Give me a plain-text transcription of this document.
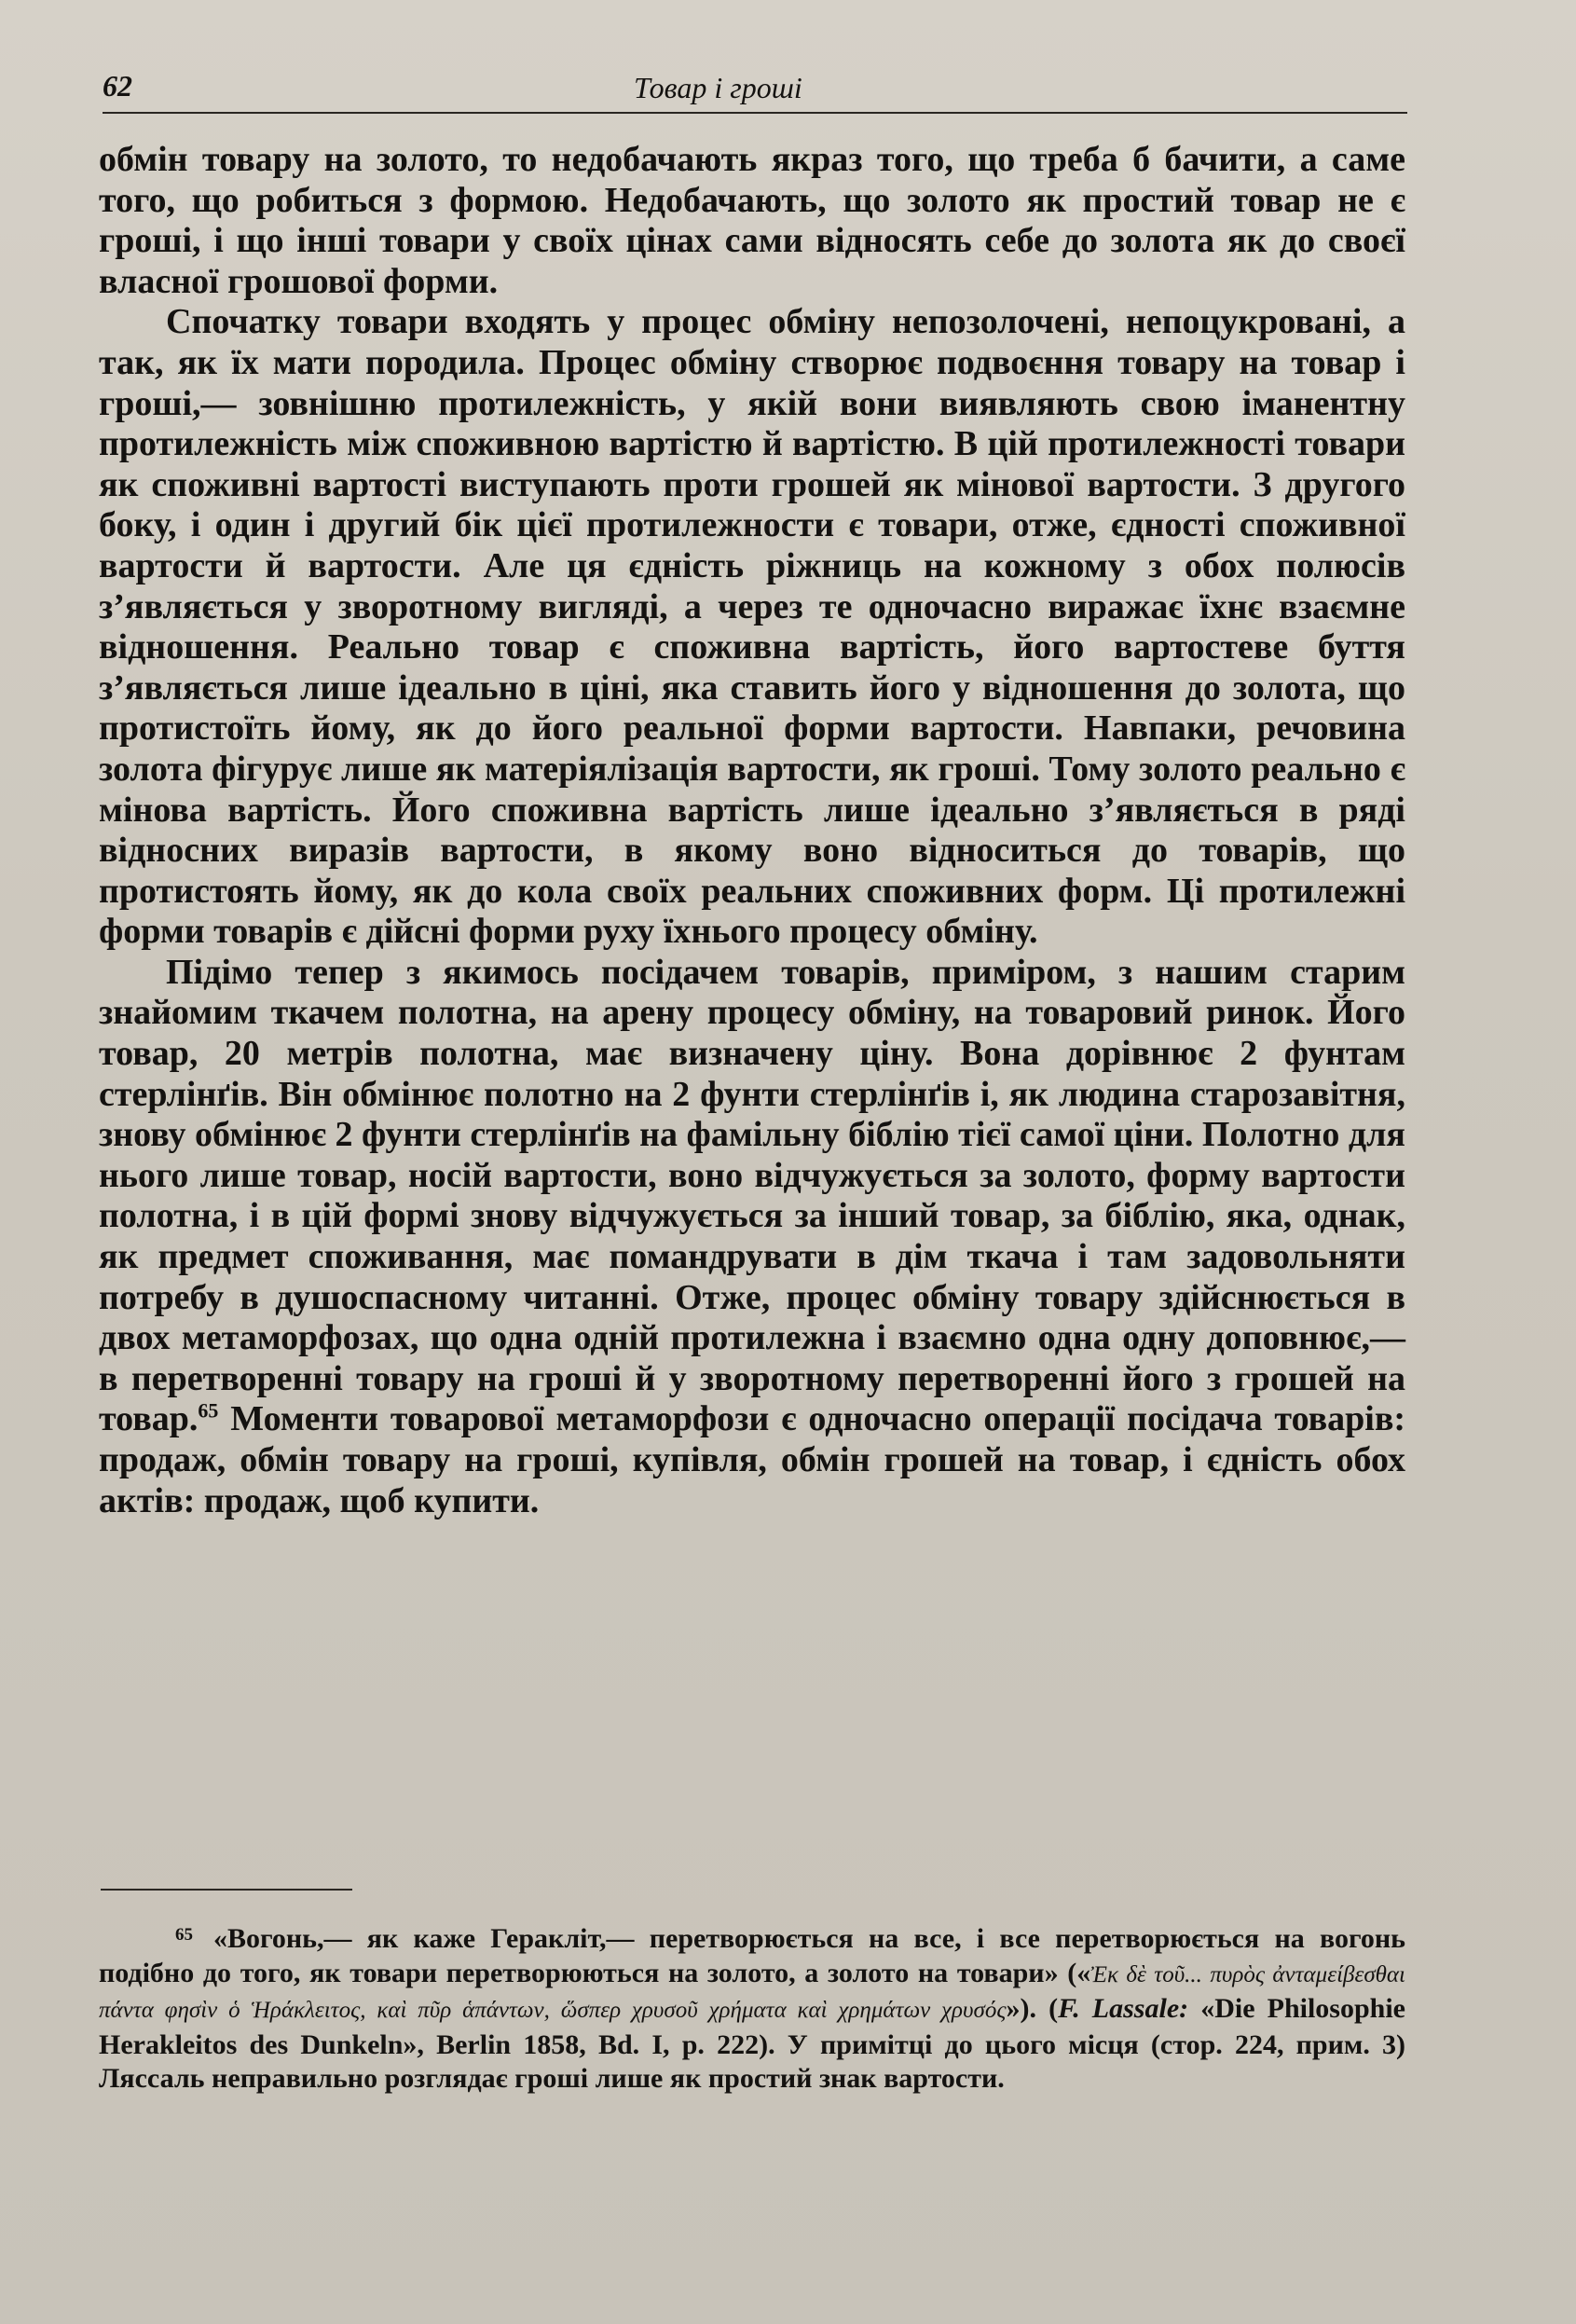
62	Товар і гроші

обмін товару на золото, то недобачають якраз того, що треба б бачити, а саме того, що робиться з формою. Недобачають, що золото як простий товар не є гроші, і що інші товари у своїх цінах сами відносять себе до золота як до своєї власної грошової форми.

Спочатку товари входять у процес обміну непозолочені, непоцукровані, а так, як їх мати породила. Процес обміну створює подвоєння товару на товар і гроші,— зовнішню протилежність, у якій вони виявляють свою іманентну протилежність між споживною вартістю й вартістю. В цій протилежності товари як споживні вартості виступають проти грошей як мінової вартости. З другого боку, і один і другий бік цієї протилежности є товари, отже, єдності споживної вартости й вартости. Але ця єдність ріжниць на кожному з обох полюсів з’являється у зворотному вигляді, а через те одночасно виражає їхнє взаємне відношення. Реально товар є споживна вартість, його вартостеве буття з’являється лише ідеально в ціні, яка ставить його у відношення до золота, що протистоїть йому, як до його реальної форми вартости. Навпаки, речовина золота фігурує лише як матеріялізація вартости, як гроші. Тому золото реально є мінова вартість. Його споживна вартість лише ідеально з’являється в ряді відносних виразів вартости, в якому воно відноситься до товарів, що протистоять йому, як до кола своїх реальних споживних форм. Ці протилежні форми товарів є дійсні форми руху їхнього процесу обміну.

Підімо тепер з якимось посідачем товарів, приміром, з нашим старим знайомим ткачем полотна, на арену процесу обміну, на товаровий ринок. Його товар, 20 метрів полотна, має визначену ціну. Вона дорівнює 2 фунтам стерлінґів. Він обмінює полотно на 2 фунти стерлінґів і, як людина старозавітня, знову обмінює 2 фунти стерлінґів на фамільну біблію тієї самої ціни. Полотно для нього лише товар, носій вартости, воно відчужується за золото, форму вартости полотна, і в цій формі знову відчужується за інший товар, за біблію, яка, однак, як предмет споживання, має помандрувати в дім ткача і там задовольняти потребу в душоспасному читанні. Отже, процес обміну товару здійснюється в двох метаморфозах, що одна одній протилежна і взаємно одна одну доповнює,— в перетворенні товару на гроші й у зворотному перетворенні його з грошей на товар.$^{65}$ Моменти товарової метаморфози є одночасно операції посідача товарів: продаж, обмін товару на гроші, купівля, обмін грошей на товар, і єдність обох актів: продаж, щоб купити.

$^{65}$ «Вогонь,— як каже Геракліт,— перетворюється на все, і все перетворюється на вогонь подібно до того, як товари перетворюються на золото, а золото на товари» («Ἐκ δὲ τοῦ... πυρὸς ἀνταμείβεσθαι πάντα φησὶν ὁ Ἡράκλειτος, καὶ πῦρ ἁπάντων, ὥσπερ χρυσοῦ χρήματα καὶ χρημάτων χρυσός»). (F. Lassale: «Die Philosophie Herakleitos des Dunkeln», Berlin 1858, Bd. I, p. 222). У примітці до цього місця (стор. 224, прим. 3) Ляссаль неправильно розглядає гроші лише як простий знак вартости.
